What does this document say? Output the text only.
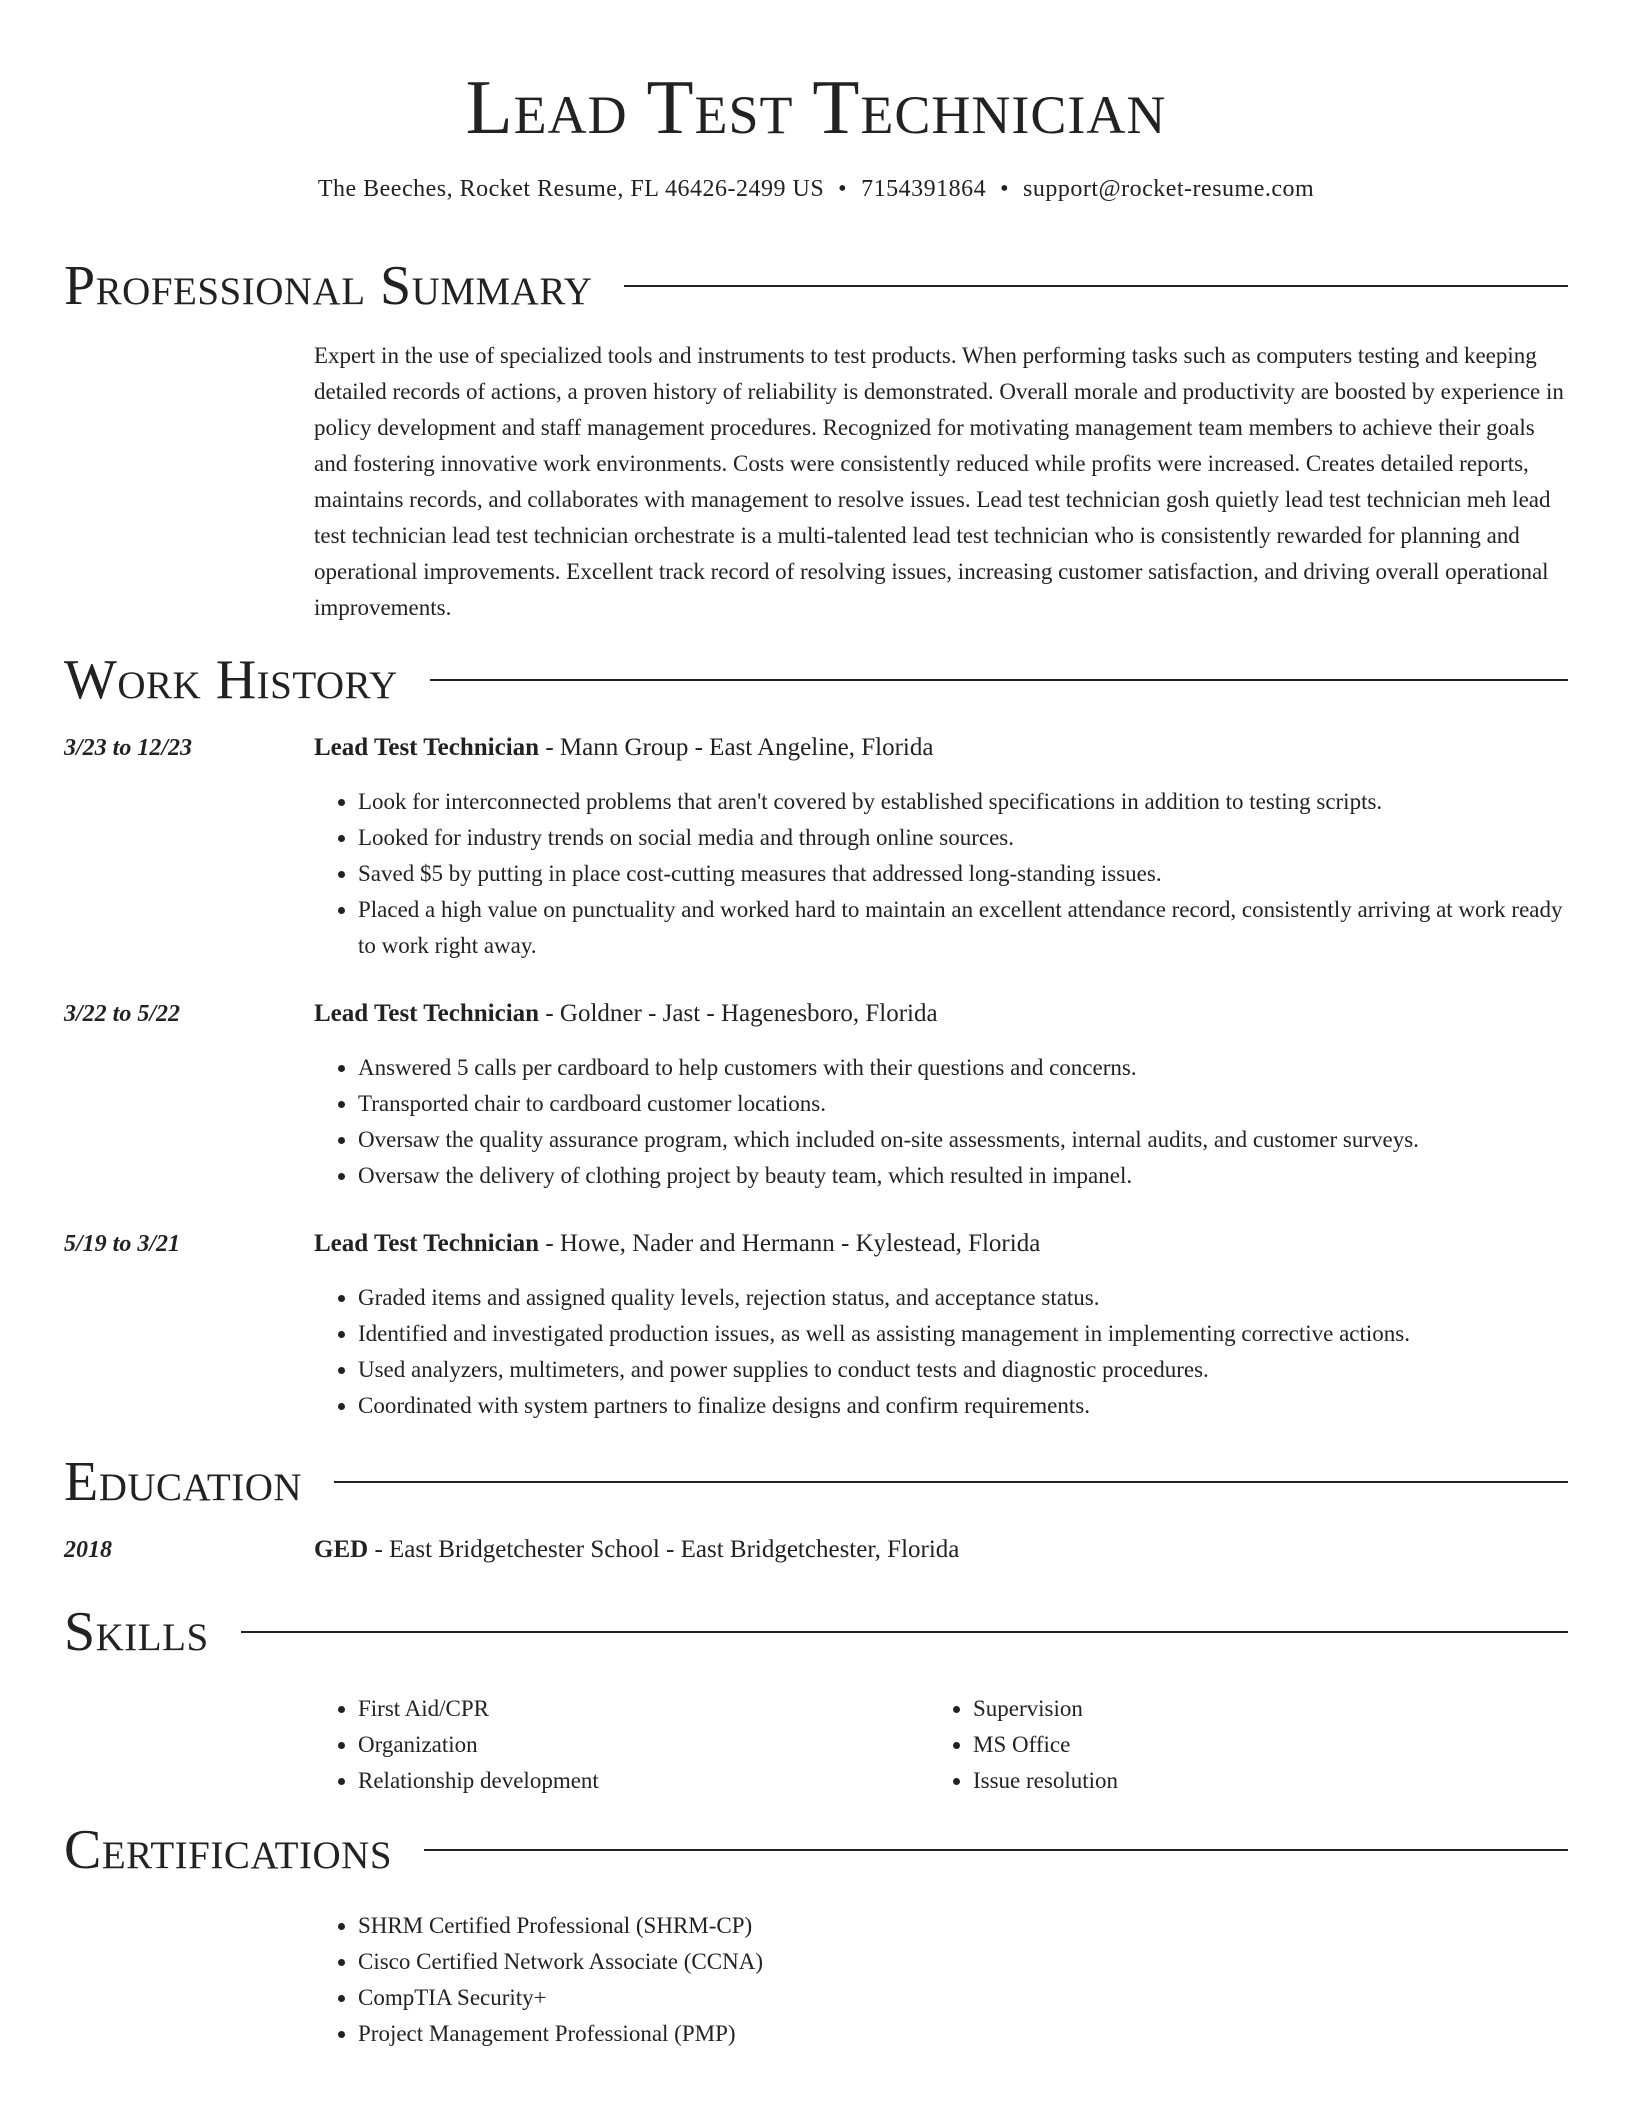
Lead Test Technician
The Beeches, Rocket Resume, FL 46426-2499 US • 7154391864 • support@rocket-resume.com
Professional Summary
Expert in the use of specialized tools and instruments to test products. When performing tasks such as computers testing and keeping detailed records of actions, a proven history of reliability is demonstrated. Overall morale and productivity are boosted by experience in policy development and staff management procedures. Recognized for motivating management team members to achieve their goals and fostering innovative work environments. Costs were consistently reduced while profits were increased. Creates detailed reports, maintains records, and collaborates with management to resolve issues. Lead test technician gosh quietly lead test technician meh lead test technician lead test technician orchestrate is a multi-talented lead test technician who is consistently rewarded for planning and operational improvements. Excellent track record of resolving issues, increasing customer satisfaction, and driving overall operational improvements.
Work History
3/23 to 12/23	Lead Test Technician - Mann Group - East Angeline, Florida
• Look for interconnected problems that aren't covered by established specifications in addition to testing scripts.
• Looked for industry trends on social media and through online sources.
• Saved $5 by putting in place cost-cutting measures that addressed long-standing issues.
• Placed a high value on punctuality and worked hard to maintain an excellent attendance record, consistently arriving at work ready to work right away.
3/22 to 5/22	Lead Test Technician - Goldner - Jast - Hagenesboro, Florida
• Answered 5 calls per cardboard to help customers with their questions and concerns.
• Transported chair to cardboard customer locations.
• Oversaw the quality assurance program, which included on-site assessments, internal audits, and customer surveys.
• Oversaw the delivery of clothing project by beauty team, which resulted in impanel.
5/19 to 3/21	Lead Test Technician - Howe, Nader and Hermann - Kylestead, Florida
• Graded items and assigned quality levels, rejection status, and acceptance status.
• Identified and investigated production issues, as well as assisting management in implementing corrective actions.
• Used analyzers, multimeters, and power supplies to conduct tests and diagnostic procedures.
• Coordinated with system partners to finalize designs and confirm requirements.
Education
2018	GED - East Bridgetchester School - East Bridgetchester, Florida
Skills
• First Aid/CPR
• Organization
• Relationship development
• Supervision
• MS Office
• Issue resolution
Certifications
• SHRM Certified Professional (SHRM-CP)
• Cisco Certified Network Associate (CCNA)
• CompTIA Security+
• Project Management Professional (PMP)
